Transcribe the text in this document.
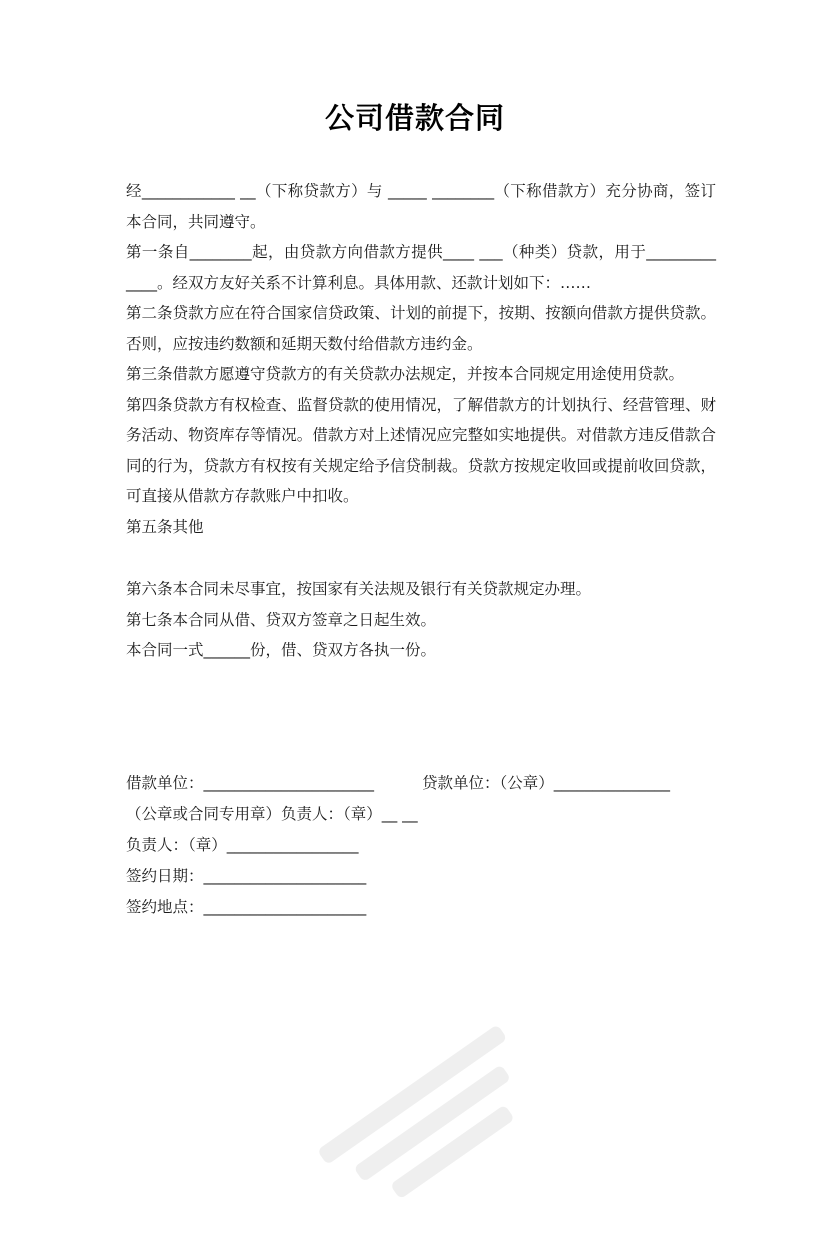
公司借款合同

经____________ __（下称贷款方）与 _____ ________（下称借款方）充分协商，签订本合同，共同遵守。

第一条自________起，由贷款方向借款方提供____ ___（种类）贷款，用于_________ ____。经双方友好关系不计算利息。具体用款、还款计划如下：……

第二条贷款方应在符合国家信贷政策、计划的前提下，按期、按额向借款方提供贷款。否则，应按违约数额和延期天数付给借款方违约金。

第三条借款方愿遵守贷款方的有关贷款办法规定，并按本合同规定用途使用贷款。

第四条贷款方有权检查、监督贷款的使用情况，了解借款方的计划执行、经营管理、财务活动、物资库存等情况。借款方对上述情况应完整如实地提供。对借款方违反借款合同的行为，贷款方有权按有关规定给予信贷制裁。贷款方按规定收回或提前收回贷款，可直接从借款方存款账户中扣收。

第五条其他

第六条本合同未尽事宜，按国家有关法规及银行有关贷款规定办理。

第七条本合同从借、贷双方签章之日起生效。

本合同一式______份，借、贷双方各执一份。

借款单位：______________________	贷款单位：（公章）_______________

（公章或合同专用章）负责人：（章）__ __

负责人：（章）_________________

签约日期：_____________________

签约地点：_____________________
